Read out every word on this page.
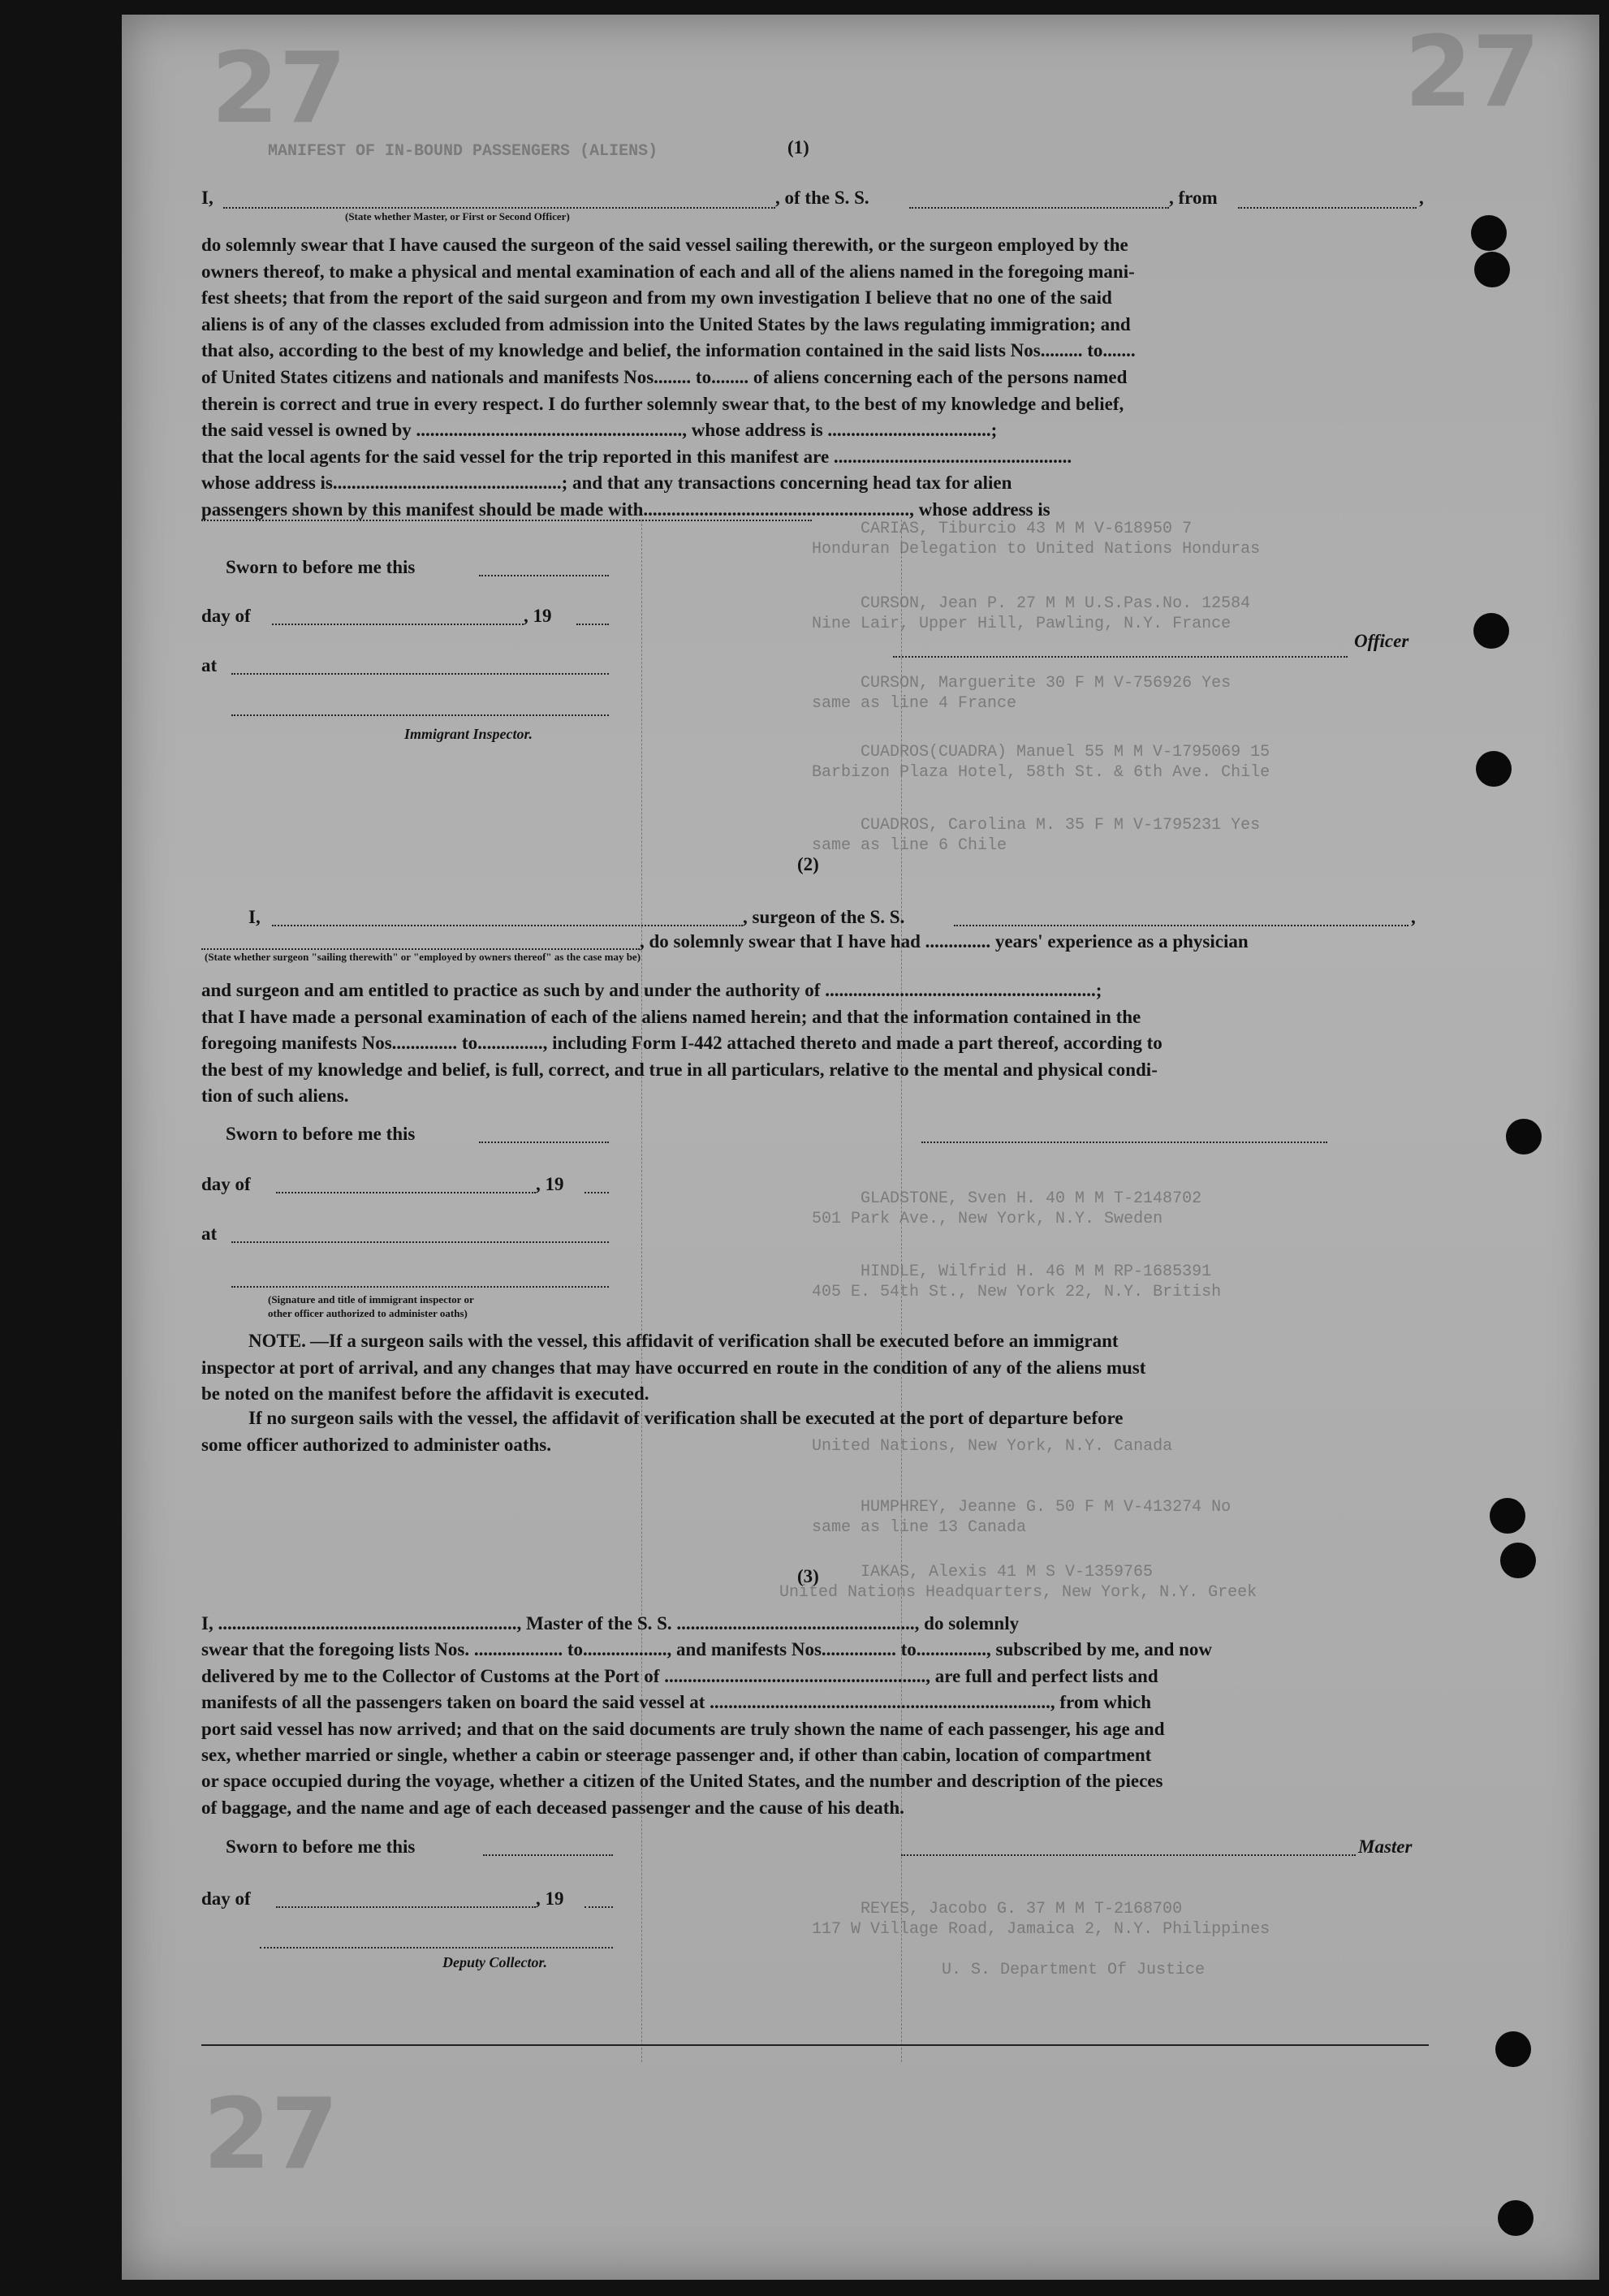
27	27
27
MANIFEST OF IN-BOUND PASSENGERS (ALIENS)
CARIAS, Tiburcio 43 M M V-618950 7
Honduran Delegation to United Nations Honduras
CURSON, Jean P. 27 M M U.S.Pas.No. 12584
Nine Lair, Upper Hill, Pawling, N.Y. France
CURSON, Marguerite 30 F M V-756926 Yes
same as line 4 France
CUADROS(CUADRA) Manuel 55 M M V-1795069 15
Barbizon Plaza Hotel, 58th St. & 6th Ave. Chile
CUADROS, Carolina M. 35 F M V-1795231 Yes
same as line 6 Chile
GLADSTONE, Sven H. 40 M M T-2148702
501 Park Ave., New York, N.Y. Sweden
HINDLE, Wilfrid H. 46 M M RP-1685391
405 E. 54th St., New York 22, N.Y. British
United Nations, New York, N.Y. Canada
HUMPHREY, Jeanne G. 50 F M V-413274 No
same as line 13 Canada
IAKAS, Alexis 41 M S V-1359765
United Nations Headquarters, New York, N.Y. Greek
REYES, Jacobo G. 37 M M T-2168700
117 W Village Road, Jamaica 2, N.Y. Philippines
U. S. Department Of Justice
(1)
I,	, of the S. S.	, from	,
(State whether Master, or First or Second Officer)
do solemnly swear that I have caused the surgeon of the said vessel sailing therewith, or the surgeon employed by the
owners thereof, to make a physical and mental examination of each and all of the aliens named in the foregoing mani-
fest sheets; that from the report of the said surgeon and from my own investigation I believe that no one of the said
aliens is of any of the classes excluded from admission into the United States by the laws regulating immigration; and
that also, according to the best of my knowledge and belief, the information contained in the said lists Nos......... to.......
of United States citizens and nationals and manifests Nos........ to........ of aliens concerning each of the persons named
therein is correct and true in every respect. I do further solemnly swear that, to the best of my knowledge and belief,
the said vessel is owned by ........................................................., whose address is ...................................;
that the local agents for the said vessel for the trip reported in this manifest are ...................................................
whose address is.................................................; and that any transactions concerning head tax for alien
passengers shown by this manifest should be made with........................................................., whose address is
Sworn to before me this
day of	, 19
at
Officer
Immigrant Inspector.
(2)
I,	, surgeon of the S. S.	,
, do solemnly swear that I have had .............. years' experience as a physician
(State whether surgeon "sailing therewith" or "employed by owners thereof" as the case may be)
and surgeon and am entitled to practice as such by and under the authority of ..........................................................;
that I have made a personal examination of each of the aliens named herein; and that the information contained in the
foregoing manifests Nos.............. to.............., including Form I-442 attached thereto and made a part thereof, according to
the best of my knowledge and belief, is full, correct, and true in all particulars, relative to the mental and physical condi-
tion of such aliens.
Sworn to before me this
day of	, 19
at
(Signature and title of immigrant inspector or
other officer authorized to administer oaths)
NOTE. —If a surgeon sails with the vessel, this affidavit of verification shall be executed before an immigrant
inspector at port of arrival, and any changes that may have occurred en route in the condition of any of the aliens must
be noted on the manifest before the affidavit is executed.
If no surgeon sails with the vessel, the affidavit of verification shall be executed at the port of departure before
some officer authorized to administer oaths.
(3)
I, ................................................................, Master of the S. S. ..................................................., do solemnly
swear that the foregoing lists Nos. ................... to.................., and manifests Nos................ to..............., subscribed by me, and now
delivered by me to the Collector of Customs at the Port of ........................................................, are full and perfect lists and
manifests of all the passengers taken on board the said vessel at ........................................................................., from which
port said vessel has now arrived; and that on the said documents are truly shown the name of each passenger, his age and
sex, whether married or single, whether a cabin or steerage passenger and, if other than cabin, location of compartment
or space occupied during the voyage, whether a citizen of the United States, and the number and description of the pieces
of baggage, and the name and age of each deceased passenger and the cause of his death.
Sworn to before me this	Master
day of	, 19
Deputy Collector.
